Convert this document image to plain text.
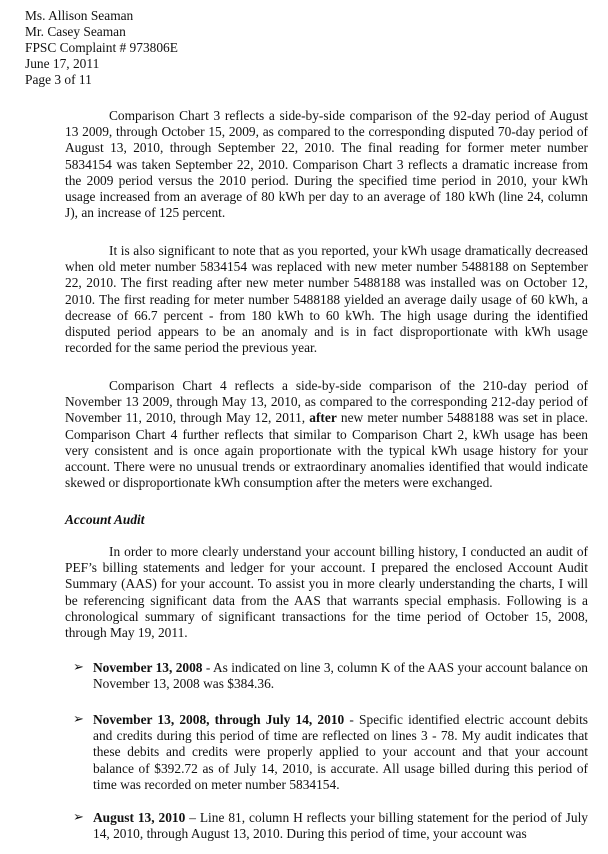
Ms. Allison Seaman
Mr. Casey Seaman
FPSC Complaint # 973806E
June 17, 2011
Page 3 of 11

Comparison Chart 3 reflects a side-by-side comparison of the 92-day period of August 13 2009, through October 15, 2009, as compared to the corresponding disputed 70-day period of August 13, 2010, through September 22, 2010. The final reading for former meter number 5834154 was taken September 22, 2010. Comparison Chart 3 reflects a dramatic increase from the 2009 period versus the 2010 period. During the specified time period in 2010, your kWh usage increased from an average of 80 kWh per day to an average of 180 kWh (line 24, column J), an increase of 125 percent.

It is also significant to note that as you reported, your kWh usage dramatically decreased when old meter number 5834154 was replaced with new meter number 5488188 on September 22, 2010. The first reading after new meter number 5488188 was installed was on October 12, 2010. The first reading for meter number 5488188 yielded an average daily usage of 60 kWh, a decrease of 66.7 percent - from 180 kWh to 60 kWh. The high usage during the identified disputed period appears to be an anomaly and is in fact disproportionate with kWh usage recorded for the same period the previous year.

Comparison Chart 4 reflects a side-by-side comparison of the 210-day period of November 13 2009, through May 13, 2010, as compared to the corresponding 212-day period of November 11, 2010, through May 12, 2011, after new meter number 5488188 was set in place. Comparison Chart 4 further reflects that similar to Comparison Chart 2, kWh usage has been very consistent and is once again proportionate with the typical kWh usage history for your account. There were no unusual trends or extraordinary anomalies identified that would indicate skewed or disproportionate kWh consumption after the meters were exchanged.

Account Audit

In order to more clearly understand your account billing history, I conducted an audit of PEF’s billing statements and ledger for your account. I prepared the enclosed Account Audit Summary (AAS) for your account. To assist you in more clearly understanding the charts, I will be referencing significant data from the AAS that warrants special emphasis. Following is a chronological summary of significant transactions for the time period of October 15, 2008, through May 19, 2011.

➢ November 13, 2008 - As indicated on line 3, column K of the AAS your account balance on November 13, 2008 was $384.36.
➢ November 13, 2008, through July 14, 2010 - Specific identified electric account debits and credits during this period of time are reflected on lines 3 - 78. My audit indicates that these debits and credits were properly applied to your account and that your account balance of $392.72 as of July 14, 2010, is accurate. All usage billed during this period of time was recorded on meter number 5834154.
➢ August 13, 2010 – Line 81, column H reflects your billing statement for the period of July 14, 2010, through August 13, 2010. During this period of time, your account was
